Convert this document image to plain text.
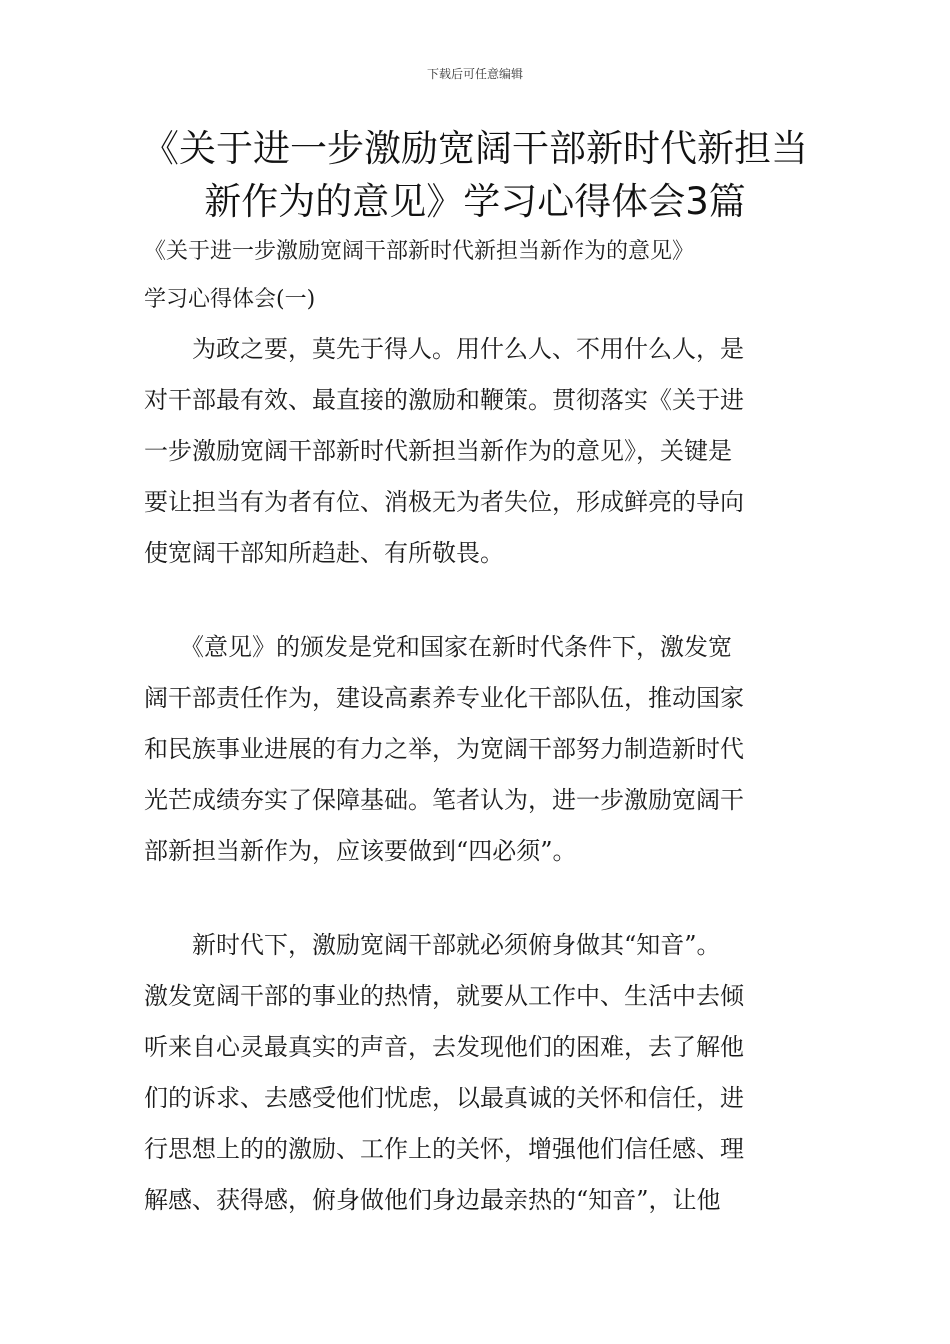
下载后可任意编辑
《关于进一步激励宽阔干部新时代新担当
新作为的意见》学习心得体会3篇
《关于进一步激励宽阔干部新时代新担当新作为的意见》
学习心得体会(一)
　　为政之要，莫先于得人。用什么人、不用什么人，是
对干部最有效、最直接的激励和鞭策。贯彻落实《关于进
一步激励宽阔干部新时代新担当新作为的意见》，关键是
要让担当有为者有位、消极无为者失位，形成鲜亮的导向
使宽阔干部知所趋赴、有所敬畏。
　　《意见》的颁发是党和国家在新时代条件下，激发宽
阔干部责任作为，建设高素养专业化干部队伍，推动国家
和民族事业进展的有力之举，为宽阔干部努力制造新时代
光芒成绩夯实了保障基础。笔者认为，进一步激励宽阔干
部新担当新作为，应该要做到“四必须”。
　　新时代下，激励宽阔干部就必须俯身做其“知音”。
激发宽阔干部的事业的热情，就要从工作中、生活中去倾
听来自心灵最真实的声音，去发现他们的困难，去了解他
们的诉求、去感受他们忧虑，以最真诚的关怀和信任，进
行思想上的的激励、工作上的关怀，增强他们信任感、理
解感、获得感，俯身做他们身边最亲热的“知音”，让他
